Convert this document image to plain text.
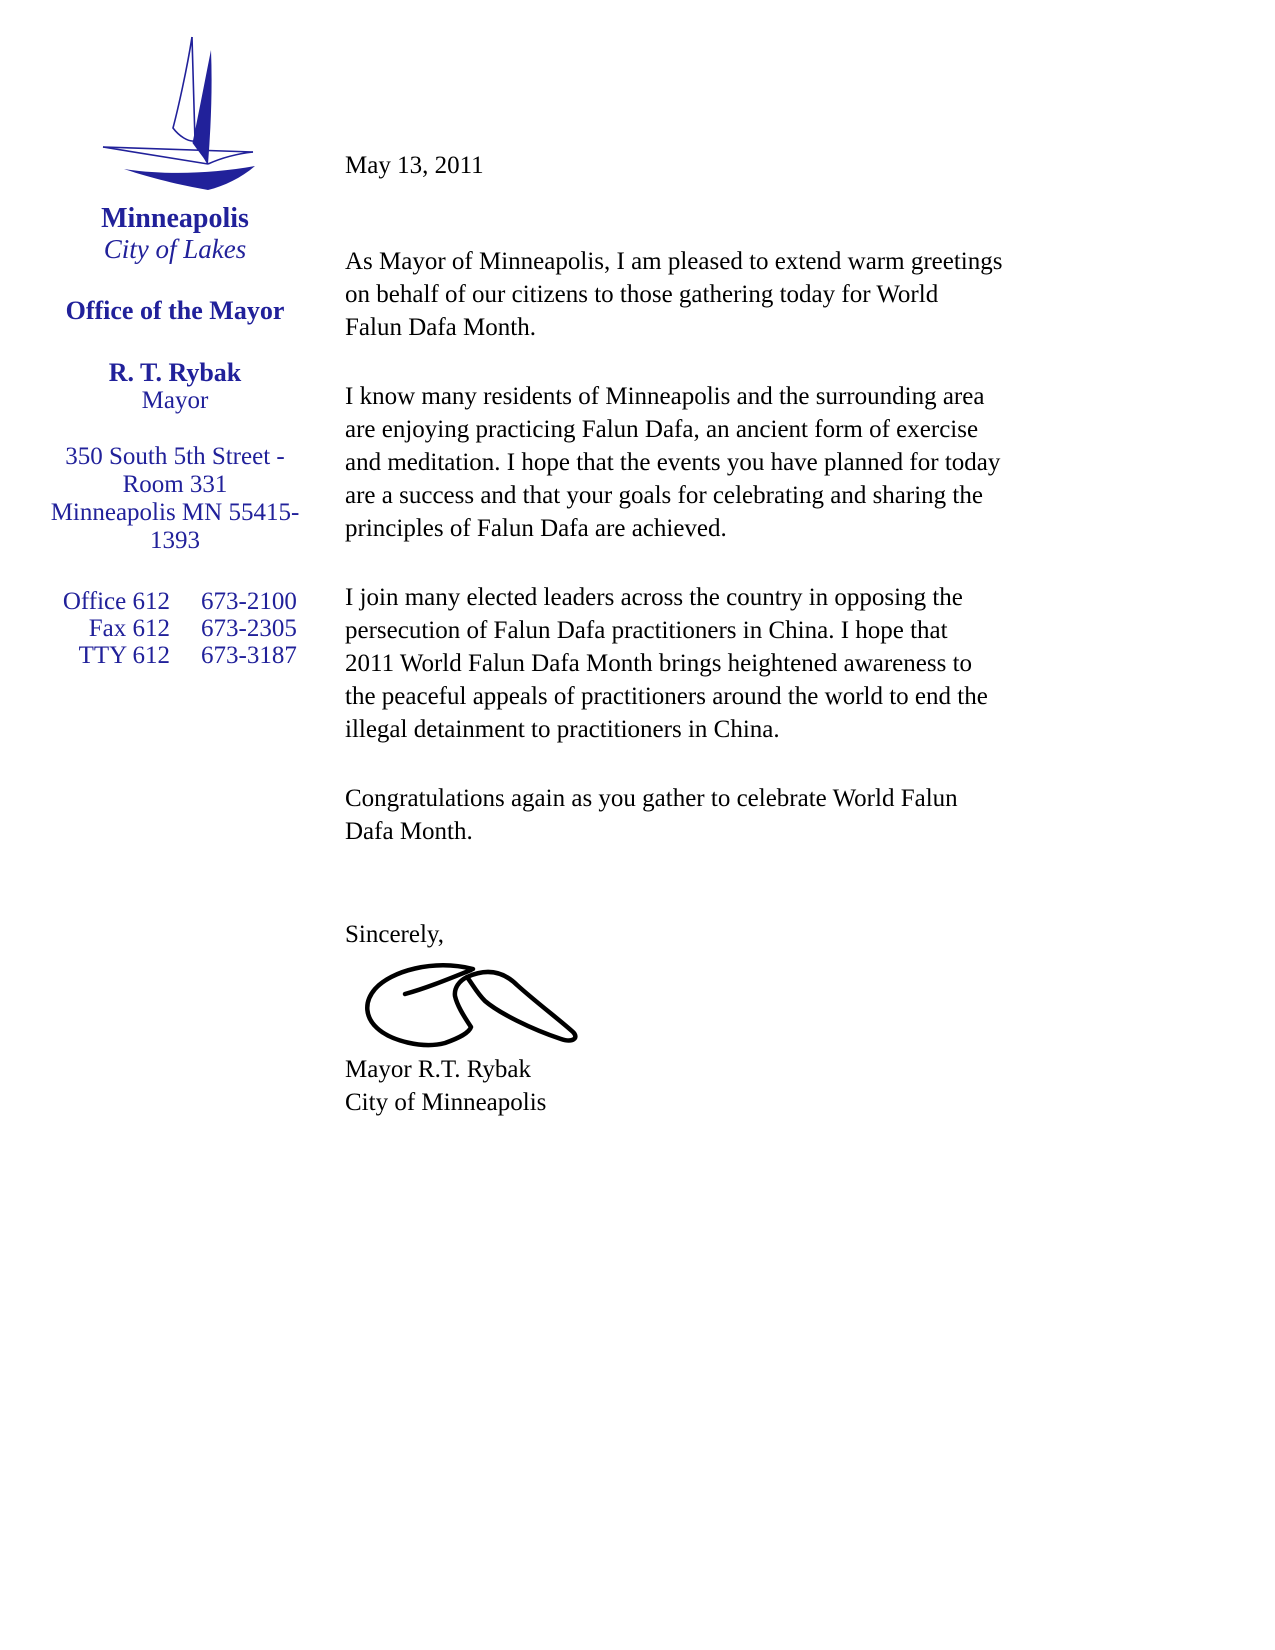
Minneapolis
City of Lakes
Office of the Mayor
R. T. Rybak
Mayor
350 South 5th Street -
Room 331
Minneapolis MN 55415-
1393
Office 612 673-2100
Fax 612 673-2305
TTY 612 673-3187
May 13, 2011
As Mayor of Minneapolis, I am pleased to extend warm greetings
on behalf of our citizens to those gathering today for World
Falun Dafa Month.
I know many residents of Minneapolis and the surrounding area
are enjoying practicing Falun Dafa, an ancient form of exercise
and meditation. I hope that the events you have planned for today
are a success and that your goals for celebrating and sharing the
principles of Falun Dafa are achieved.
I join many elected leaders across the country in opposing the
persecution of Falun Dafa practitioners in China. I hope that
2011 World Falun Dafa Month brings heightened awareness to
the peaceful appeals of practitioners around the world to end the
illegal detainment to practitioners in China.
Congratulations again as you gather to celebrate World Falun
Dafa Month.
Sincerely,
Mayor R.T. Rybak
City of Minneapolis
